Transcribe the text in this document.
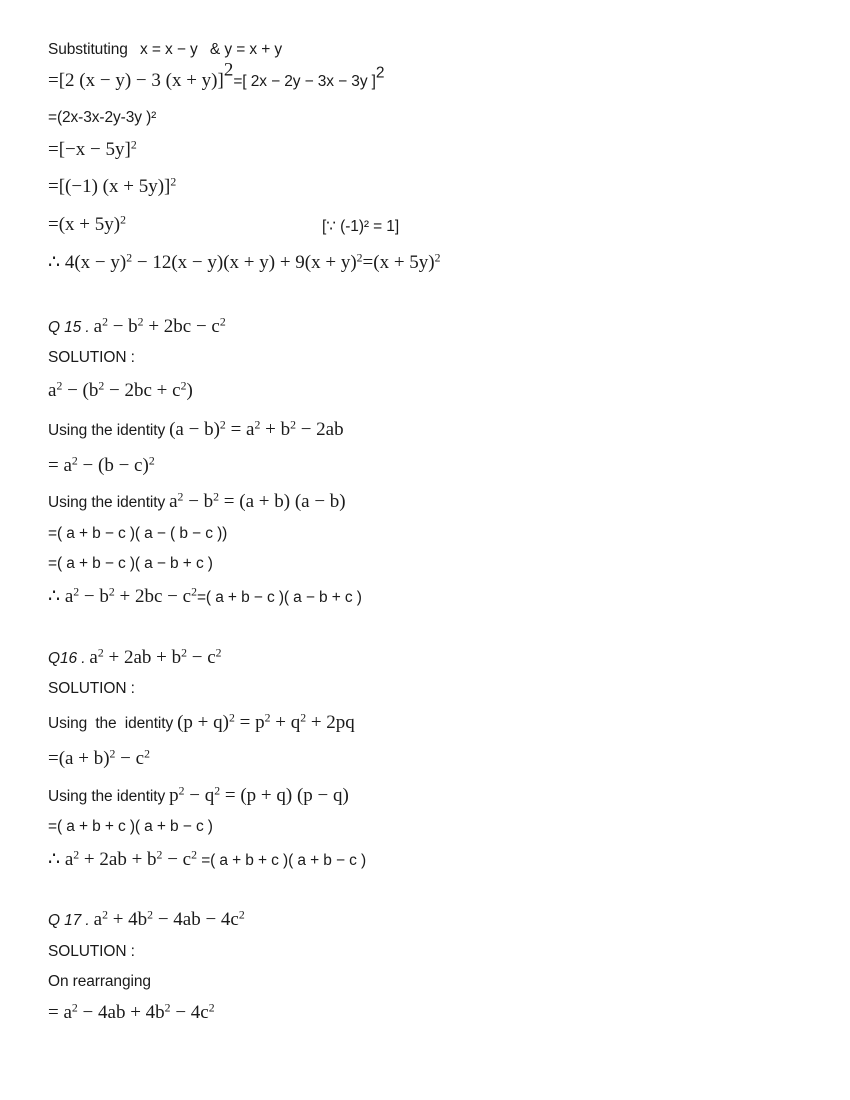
Substituting x = x − y & y = x + y
=[2 (x − y) − 3 (x + y)]$^2$=[ 2x − 2y − 3x − 3y ]$^2$
=(2x-3x-2y-3y )²
$=[-x - 5y]^2$
=[(−1) (x + 5y)]$^2$
$=(x + 5y)^2$	[∵ (-1)² = 1]
∴ $4(x - y)^2 - 12(x - y)(x + y) + 9(x + y)^2=(x + 5y)^2$
Q 15 . $a^2 - b^2 + 2bc - c^2$
SOLUTION :
$a^2 - (b^2 - 2bc + c^2)$
Using the identity $(a - b)^2 = a^2 + b^2 - 2ab$
= $a^2 - (b - c)^2$
Using the identity $a^2 - b^2 = (a + b) (a - b)$
=( a + b − c )( a − ( b − c ))
=( a + b − c )( a − b + c )
∴ $a^2 - b^2 + 2bc - c^2=$( a + b − c )( a − b + c )
Q16 . $a^2 + 2ab + b^2 - c^2$
SOLUTION :
Using the identity $(p + q)^2 = p^2 + q^2 + 2pq$
$=(a + b)^2 - c^2$
Using the identity $p^2 - q^2 = (p + q) (p - q)$
=( a + b + c )( a + b − c )
∴ $a^2 + 2ab + b^2 - c^2$ =( a + b + c )( a + b − c )
Q 17 . $a^2 + 4b^2 - 4ab - 4c^2$
SOLUTION :
On rearranging
= $a^2 - 4ab + 4b^2 - 4c^2$
